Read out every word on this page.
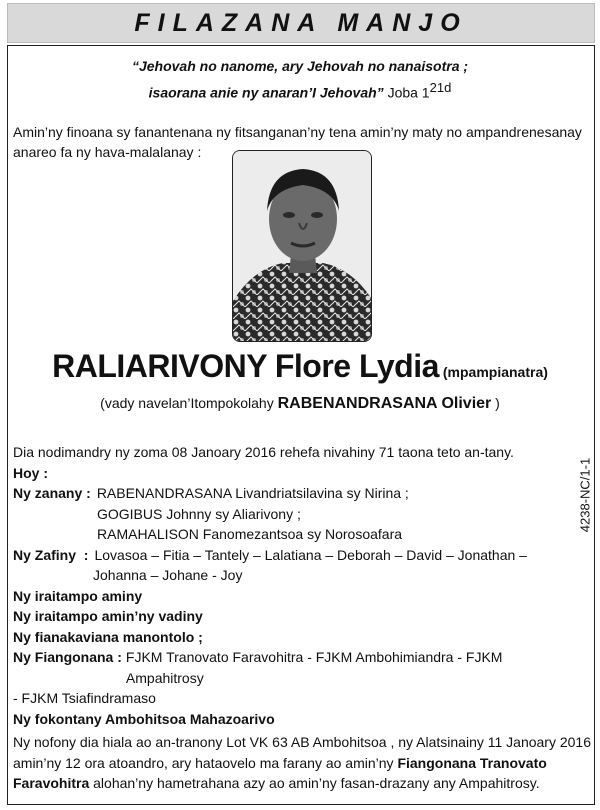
FILAZANA MANJO
“Jehovah no nanome, ary Jehovah no nanaisotra ;
isaorana anie ny anaran’I Jehovah” Joba $1^{21d}$
Amin’ny finoana sy fanantenana ny fitsanganan’ny tena amin’ny maty no ampandrenesanay anareo fa ny hava-malalanay :
RALIARIVONY Flore Lydia (mpampianatra)
(vady navelan’Itompokolahy RABENANDRASANA Olivier )
Dia nodimandry ny zoma 08 Janoary 2016 rehefa nivahiny 71 taona teto an-tany.
Hoy :
Ny zanany : RABENANDRASANA Livandriatsilavina sy Nirina ;
GOGIBUS Johnny sy Aliarivony ;
RAMAHALISON Fanomezantsoa sy Norosoafara
Ny Zafiny  : Lovasoa – Fitia – Tantely – Lalatiana – Deborah – David – Jonathan –
Johanna – Johane - Joy
Ny iraitampo aminy
Ny iraitampo amin’ny vadiny
Ny fianakaviana manontolo ;
Ny Fiangonana : FJKM Tranovato Faravohitra - FJKM Ambohimiandra - FJKM Ampahitrosy
- FJKM Tsiafindramaso
Ny fokontany Ambohitsoa Mahazoarivo
4238-NC/1-1
Ny nofony dia hiala ao an-tranony Lot VK 63 AB Ambohitsoa , ny Alatsinainy 11 Janoary 2016 amin’ny 12 ora atoandro, ary hataovelo ma farany ao amin’ny Fiangonana Tranovato Faravohitra alohan’ny hametrahana azy ao amin’ny fasan-drazany any Ampahitrosy.
